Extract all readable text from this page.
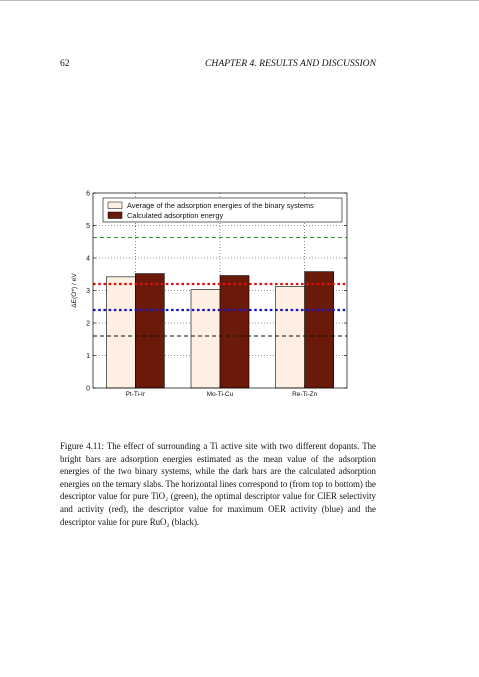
62	CHAPTER 4. RESULTS AND DISCUSSION
0
1
2
3
4
5
6
Pt-Ti-Ir	Mo-Ti-Cu	Re-Ti-Zn
ΔE(O*) / eV
Average of the adsorption energies of the binary systems
Calculated adsorption energy
Figure 4.11: The effect of surrounding a Ti active site with two different dopants. The bright bars are adsorption energies estimated as the mean value of the adsorption energies of the two binary systems, while the dark bars are the calculated adsorption energies on the ternary slabs. The horizontal lines correspond to (from top to bottom) the descriptor value for pure TiO₂ (green), the optimal descriptor value for ClER selectivity and activity (red), the descriptor value for maximum OER activity (blue) and the descriptor value for pure RuO₂ (black).
